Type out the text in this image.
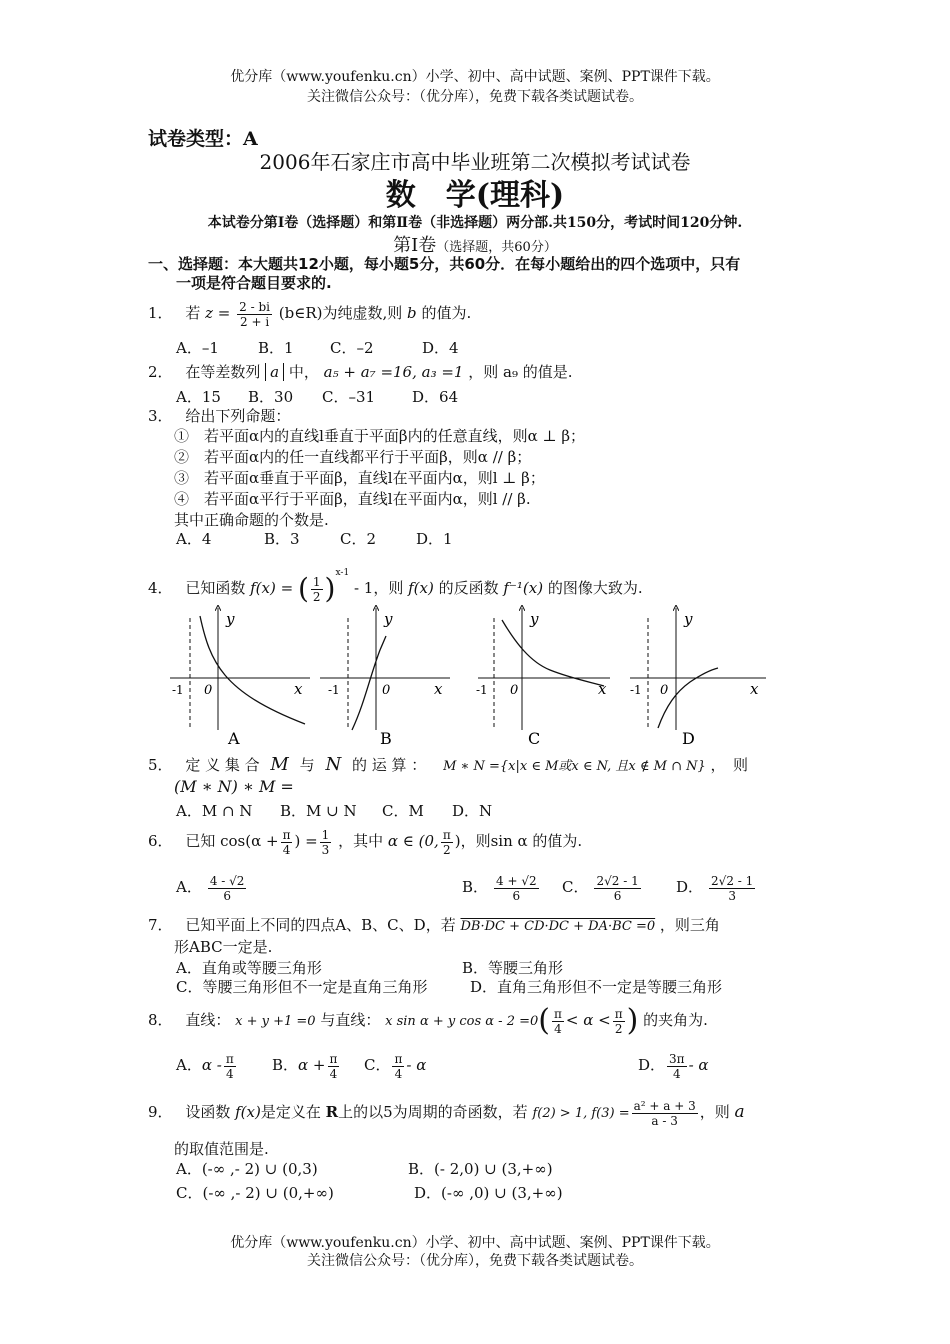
优分库（www.youfenku.cn）小学、初中、高中试题、案例、PPT课件下载。
关注微信公众号：（优分库），免费下载各类试题试卷。
试卷类型：A
2006年石家庄市高中毕业班第二次模拟考试试卷
数　学(理科)
本试卷分第Ⅰ卷（选择题）和第Ⅱ卷（非选择题）两分部.共150分，考试时间120分钟.
第Ⅰ卷（选择题，共60分）
一、选择题：本大题共12小题，每小题5分，共60分．在每小题给出的四个选项中，只有
一项是符合题目要求的.
1． 若 $z = \frac{2 - bi}{2 + i}$ (b∈R)为纯虚数,则 b 的值为.
A．–1	B．1 C．–2	D．4
2． 在等差数列 a 中， a₅ + a₇ =16, a₃ =1 ，则 a₉ 的值是.
A．15 B．30 C．–31 D．64
3． 给出下列命题：
①　若平面α内的直线l垂直于平面β内的任意直线，则α ⊥ β；
②　若平面α内的任一直线都平行于平面β，则α // β；
③　若平面α垂直于平面β，直线l在平面内α，则l ⊥ β；
④　若平面α平行于平面β，直线l在平面内α，则l // β.
其中正确命题的个数是.
A．4	B．3	C．2	D．1
4． 已知函数 f(x) = ( $\frac{1}{2} )^{x-1} - 1$，则 f(x) 的反函数 f⁻¹(x) 的图像大致为.
y
-1 0	x
A
y
-1	0	x
B
y
-1 0	x
C
y
-1 0	x
D
5． 定 义 集 合 M 与 N 的 运 算 ： M ∗ N ={x|x ∈ M或x ∈ N, 且x ∉ M ∩ N} ，　则
(M ∗ N) ∗ M =
A．M ∩ N B．M ∪ N C．M D．N
6． 已知 $\cos(\alpha + \frac{\pi}{4}$ ) = $\frac{1}{3}$ ，其中 α ∈ (0, $\frac{\pi}{2}$ )，则sin α 的值为.
A． $\frac{4 - √2}{6}$	B． $\frac{4 + √2}{6}$ C． $\frac{2√2 - 1}{6}$ D． $\frac{2√2 - 1}{3}$
7． 已知平面上不同的四点A、B、C、D，若 DB·DC + CD·DC + DA·BC =0 ，则三角
形ABC一定是.
A．直角或等腰三角形	B．等腰三角形
C．等腰三角形但不一定是直角三角形	D．直角三角形但不一定是等腰三角形
8． 直线： x + y +1 =0 与直线： x sin α + y $\cos \alpha - 2 =0( \frac{\pi}{4} < \alpha < \frac{\pi}{2}$ ) 的夹角为.
A．α - $\frac{\pi}{4}$ B．$\alpha + \frac{\pi}{4}$ C． $\frac{\pi}{4}$ - α	D． $\frac{3\pi}{4}$ - α
9． 设函数 f(x)是定义在 R上的以5为周期的奇函数，若 f(2) > 1, $f(3) = \frac{\text{a² + a + 3}}{a - 3}$ ，则 a
的取值范围是.
A．(-∞ ,- 2) ∪ (0,3)	B．(- 2,0) ∪ (3,+∞)
C．(-∞ ,- 2) ∪ (0,+∞)	D．(-∞ ,0) ∪ (3,+∞)
优分库（www.youfenku.cn）小学、初中、高中试题、案例、PPT课件下载。
关注微信公众号：（优分库），免费下载各类试题试卷。
